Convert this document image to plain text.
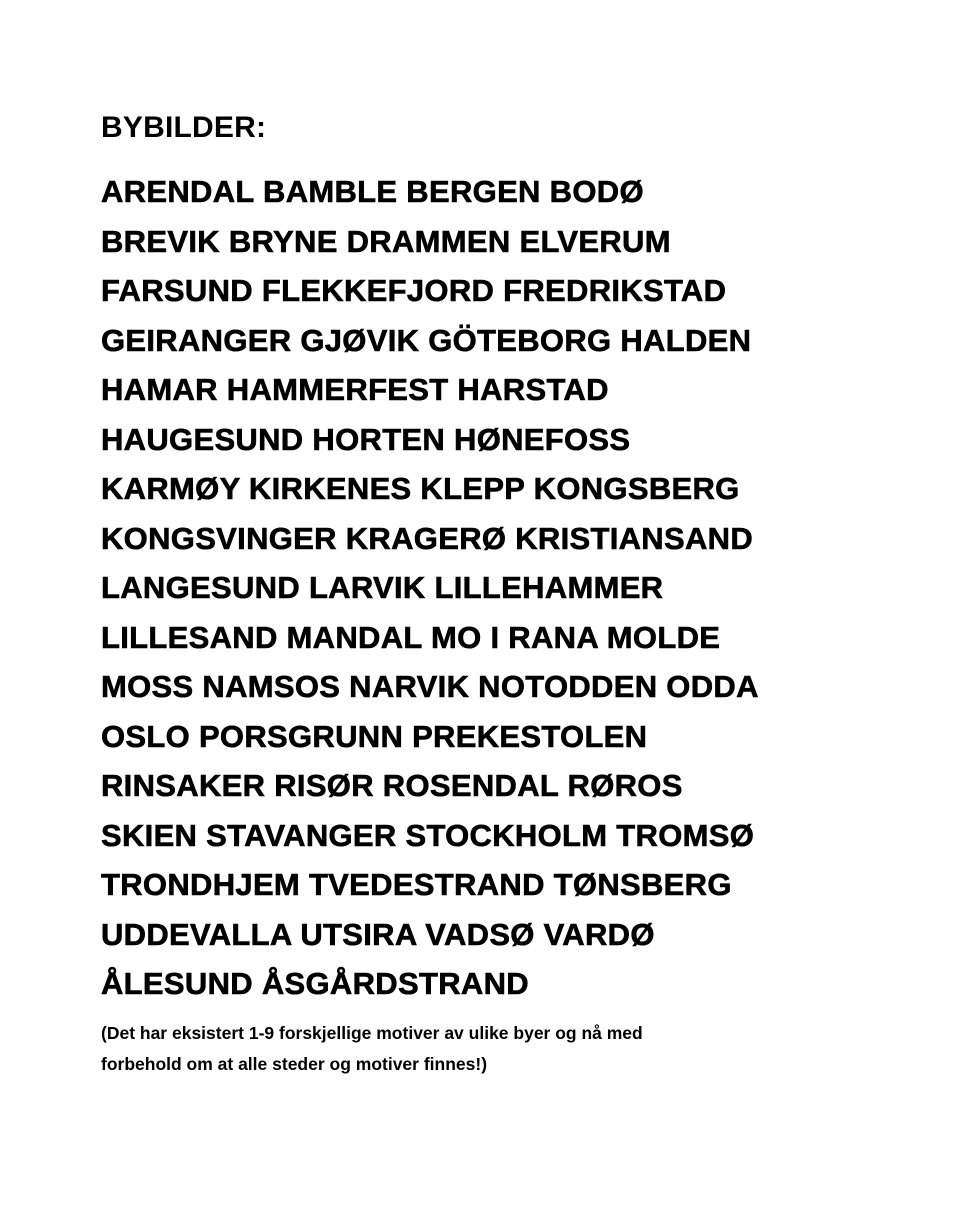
BYBILDER:
ARENDAL BAMBLE BERGEN BODØ
BREVIK BRYNE DRAMMEN ELVERUM
FARSUND FLEKKEFJORD FREDRIKSTAD
GEIRANGER GJØVIK GÖTEBORG HALDEN
HAMAR HAMMERFEST HARSTAD
HAUGESUND HORTEN HØNEFOSS
KARMØY KIRKENES KLEPP KONGSBERG
KONGSVINGER KRAGERØ KRISTIANSAND
LANGESUND LARVIK LILLEHAMMER
LILLESAND MANDAL MO I RANA MOLDE
MOSS NAMSOS NARVIK NOTODDEN ODDA
OSLO PORSGRUNN PREKESTOLEN
RINSAKER RISØR ROSENDAL RØROS
SKIEN STAVANGER STOCKHOLM TROMSØ
TRONDHJEM TVEDESTRAND TØNSBERG
UDDEVALLA UTSIRA VADSØ VARDØ
ÅLESUND ÅSGÅRDSTRAND
(Det har eksistert 1-9 forskjellige motiver av ulike byer og nå med
forbehold om at alle steder og motiver finnes!)
